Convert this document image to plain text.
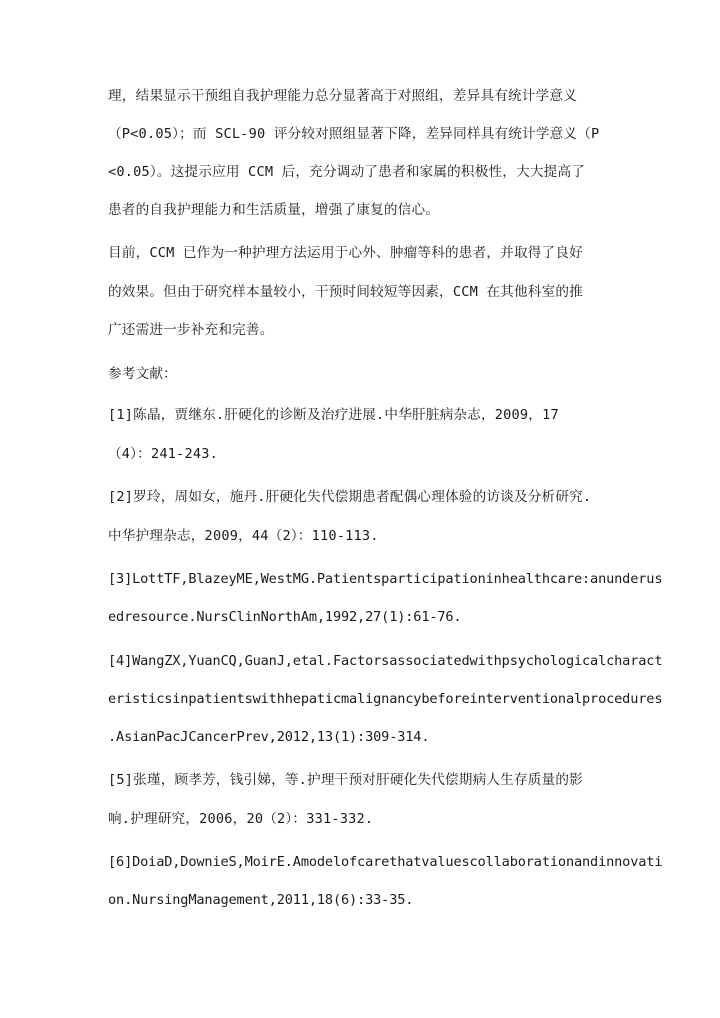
理，结果显示干预组自我护理能力总分显著高于对照组，差异具有统计学意义

（P<0.05）；而 SCL-90 评分较对照组显著下降，差异同样具有统计学意义（P

<0.05）。这提示应用 CCM 后，充分调动了患者和家属的积极性，大大提高了

患者的自我护理能力和生活质量，增强了康复的信心。

目前，CCM 已作为一种护理方法运用于心外、肿瘤等科的患者，并取得了良好

的效果。但由于研究样本量较小，干预时间较短等因素，CCM 在其他科室的推

广还需进一步补充和完善。

参考文献：

[1]陈晶，贾继东.肝硬化的诊断及治疗进展.中华肝脏病杂志，2009，17

（4）：241-243.

[2]罗玲，周如女，施丹.肝硬化失代偿期患者配偶心理体验的访谈及分析研究.

中华护理杂志，2009，44（2）：110-113.

[3]LottTF,BlazeyME,WestMG.Patientsparticipationinhealthcare:anunderus

edresource.NursClinNorthAm,1992,27(1):61-76.

[4]WangZX,YuanCQ,GuanJ,etal.Factorsassociatedwithpsychologicalcharact

eristicsinpatientswithhepaticmalignancybeforeinterventionalprocedures

.AsianPacJCancerPrev,2012,13(1):309-314.

[5]张瑾，顾孝芳，钱引娣，等.护理干预对肝硬化失代偿期病人生存质量的影

响.护理研究，2006，20（2）：331-332.

[6]DoiaD,DownieS,MoirE.Amodelofcarethatvaluescollaborationandinnovati

on.NursingManagement,2011,18(6):33-35.
